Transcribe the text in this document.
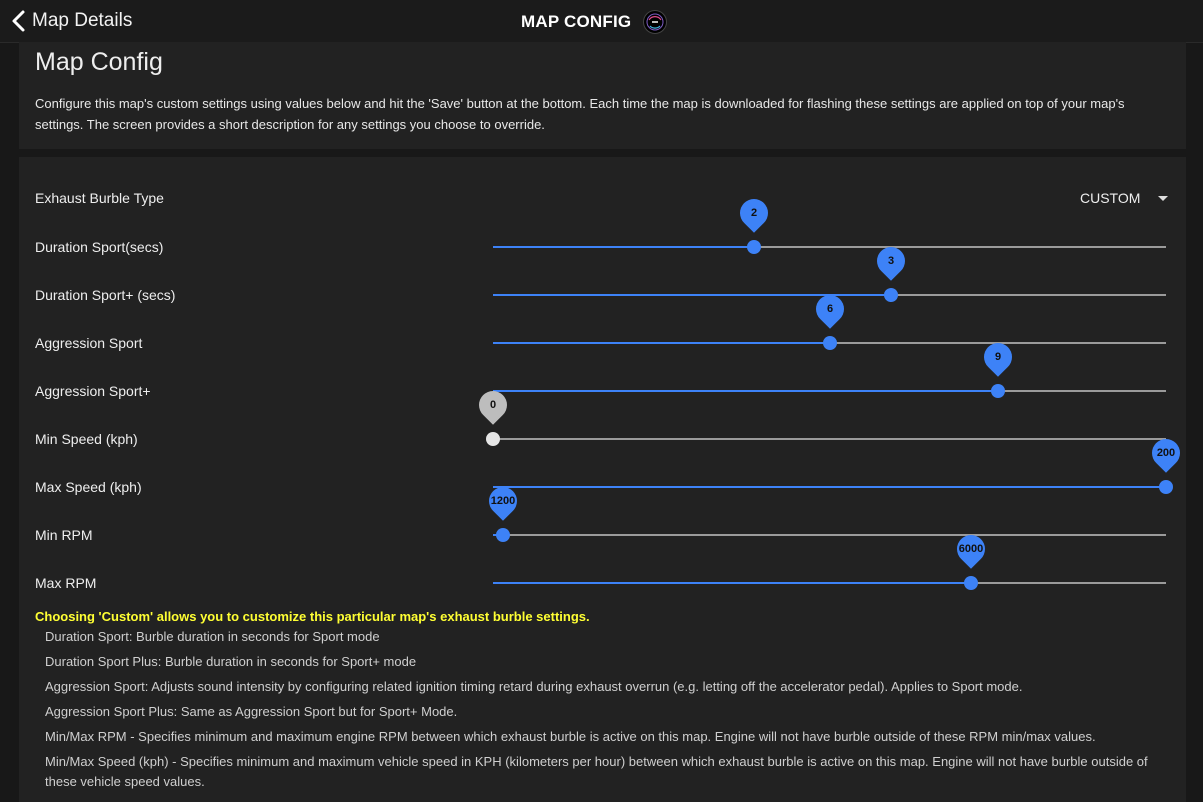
Map Details	MAP CONFIG
Map Config

Configure this map's custom settings using values below and hit the 'Save' button at the bottom. Each time the map is downloaded for flashing these settings are applied on top of your map's settings. The screen provides a short description for any settings you choose to override.

Exhaust Burble Type	CUSTOM
Duration Sport(secs)
2
Duration Sport+ (secs)
3
Aggression Sport
6
Aggression Sport+
9
Min Speed (kph)
0
Max Speed (kph)
200
Min RPM
1200
Max RPM
6000
Choosing 'Custom' allows you to customize this particular map's exhaust burble settings.
Duration Sport: Burble duration in seconds for Sport mode
Duration Sport Plus: Burble duration in seconds for Sport+ mode
Aggression Sport: Adjusts sound intensity by configuring related ignition timing retard during exhaust overrun (e.g. letting off the accelerator pedal). Applies to Sport mode.
Aggression Sport Plus: Same as Aggression Sport but for Sport+ Mode.
Min/Max RPM - Specifies minimum and maximum engine RPM between which exhaust burble is active on this map. Engine will not have burble outside of these RPM min/max values.
Min/Max Speed (kph) - Specifies minimum and maximum vehicle speed in KPH (kilometers per hour) between which exhaust burble is active on this map. Engine will not have burble outside of these vehicle speed values.
